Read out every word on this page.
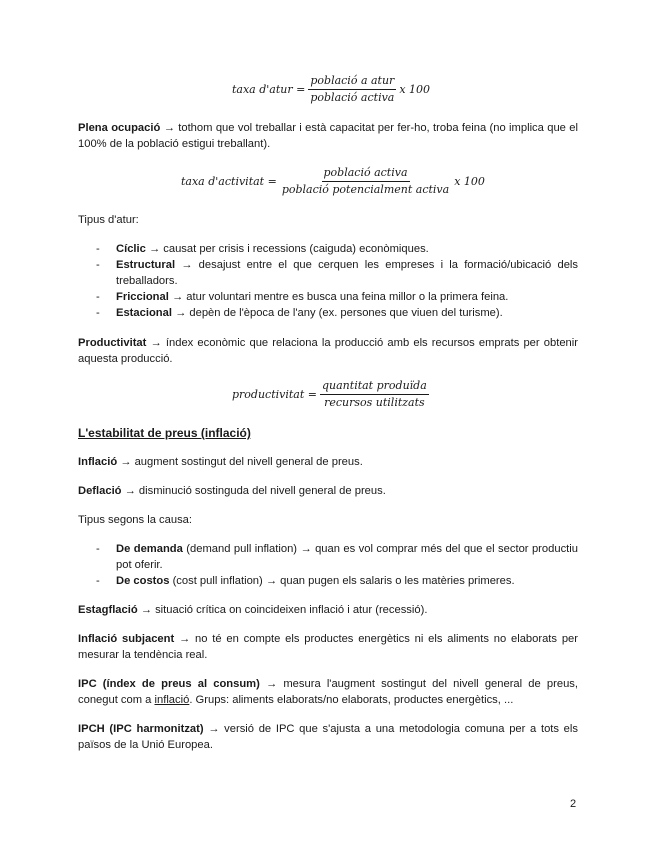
taxa d'atur = $\frac{\text{població a atur}}{\text{població activa}}$ x 100

Plena ocupació → tothom que vol treballar i està capacitat per fer-ho, troba feina (no implica que el 100% de la població estigui treballant).

Tipus d'atur:

- Cíclic → causat per crisis i recessions (caiguda) econòmiques.
- Estructural → desajust entre el que cerquen les empreses i la formació/ubicació dels treballadors.
- Friccional → atur voluntari mentre es busca una feina millor o la primera feina.
- Estacional → depèn de l'època de l'any (ex. persones que viuen del turisme).

Productivitat → índex econòmic que relaciona la producció amb els recursos emprats per obtenir aquesta producció.

L'estabilitat de preus (inflació)

Inflació → augment sostingut del nivell general de preus.

Deflació → disminució sostinguda del nivell general de preus.

Tipus segons la causa:

- De demanda (demand pull inflation) → quan es vol comprar més del que el sector productiu pot oferir.
- De costos (cost pull inflation) → quan pugen els salaris o les matèries primeres.

Estagflació → situació crítica on coincideixen inflació i atur (recessió).

Inflació subjacent → no té en compte els productes energètics ni els aliments no elaborats per mesurar la tendència real.

IPC (índex de preus al consum) → mesura l'augment sostingut del nivell general de preus, conegut com a inflació. Grups: aliments elaborats/no elaborats, productes energètics, ...

IPCH (IPC harmonitzat) → versió de IPC que s'ajusta a una metodologia comuna per a tots els països de la Unió Europea.

taxa d'activitat = $\frac{\text{població activa}}{\text{població potencialment activa}}$ x 100
productivitat = $\frac{\text{quantitat produïda}}{\text{recursos utilitzats}}$
2
